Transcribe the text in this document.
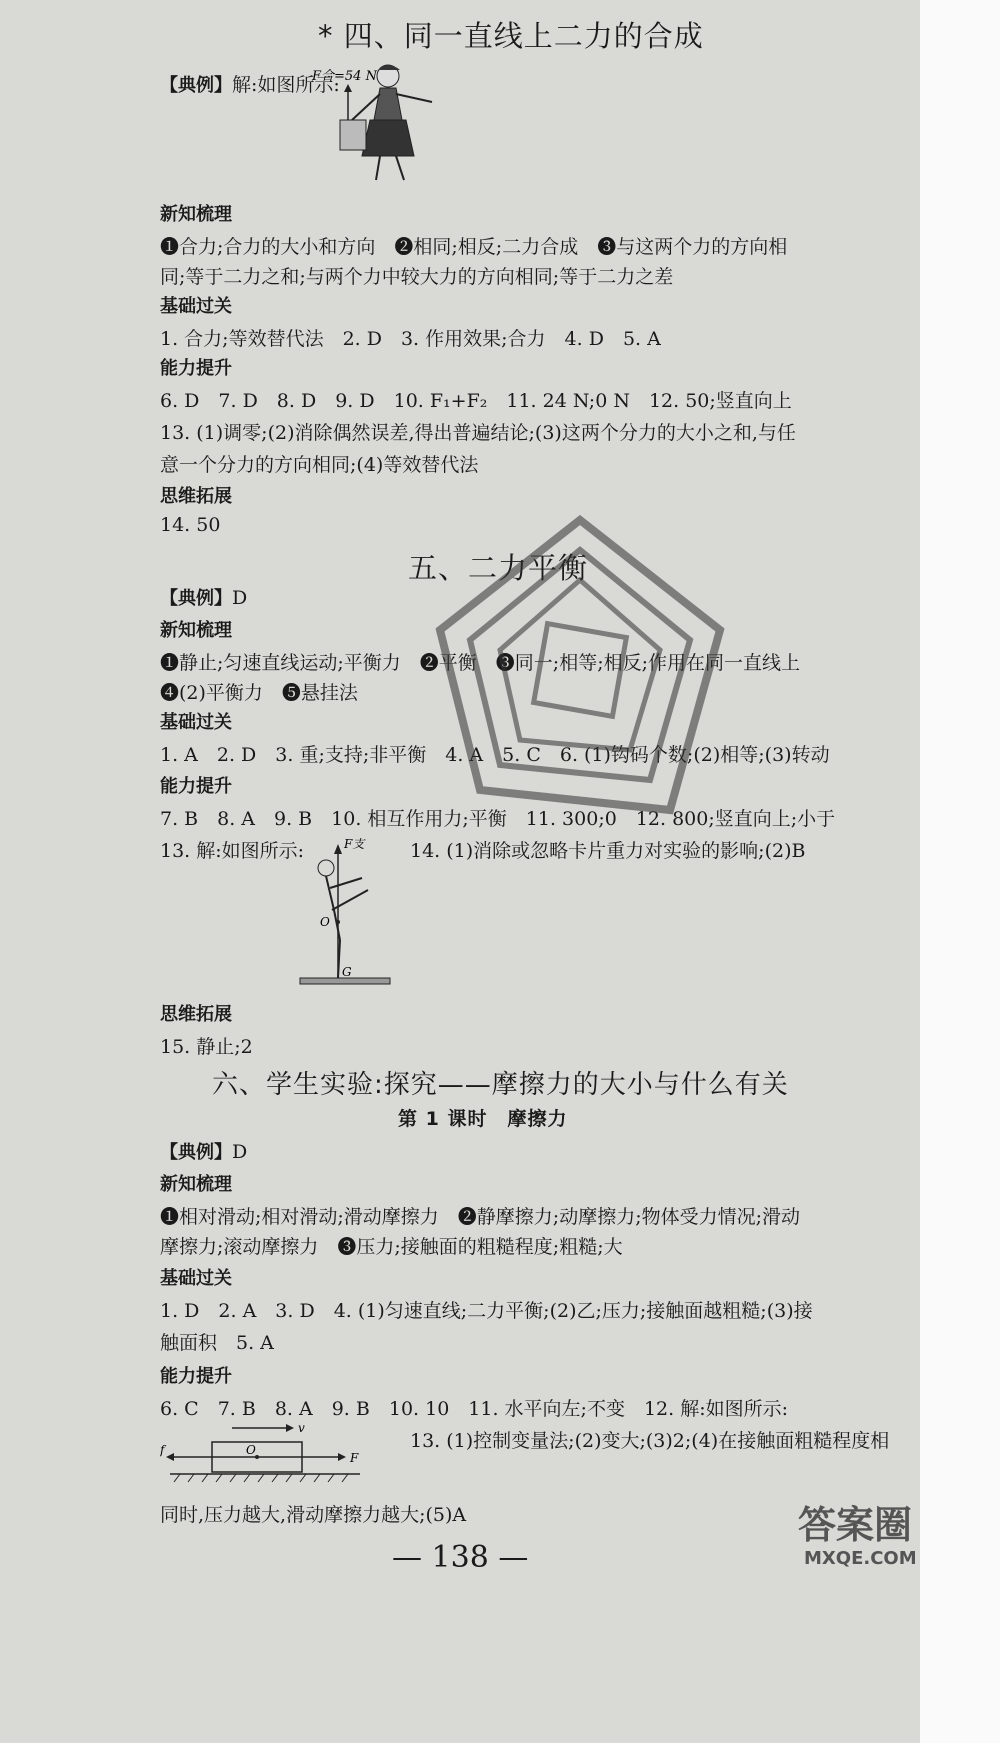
* 四、同一直线上二力的合成
【典例】解:如图所示:
F合=54 N
新知梳理
❶合力;合力的大小和方向　❷相同;相反;二力合成　❸与这两个力的方向相
同;等于二力之和;与两个力中较大力的方向相同;等于二力之差
基础过关
1. 合力;等效替代法　2. D　3. 作用效果;合力　4. D　5. A
能力提升
6. D　7. D　8. D　9. D　10. F₁+F₂　11. 24 N;0 N　12. 50;竖直向上
13. (1)调零;(2)消除偶然误差,得出普遍结论;(3)这两个分力的大小之和,与任
意一个分力的方向相同;(4)等效替代法
思维拓展
14. 50
五、二力平衡
【典例】D
新知梳理
❶静止;匀速直线运动;平衡力　❷平衡　❸同一;相等;相反;作用在同一直线上
❹(2)平衡力　❺悬挂法
基础过关
1. A　2. D　3. 重;支持;非平衡　4. A　5. C　6. (1)钩码个数;(2)相等;(3)转动
能力提升
7. B　8. A　9. B　10. 相互作用力;平衡　11. 300;0　12. 800;竖直向上;小于
13. 解:如图所示:	14. (1)消除或忽略卡片重力对实验的影响;(2)B
F支
O
G
思维拓展
15. 静止;2
六、学生实验:探究——摩擦力的大小与什么有关
第 1 课时　摩擦力
【典例】D
新知梳理
❶相对滑动;相对滑动;滑动摩擦力　❷静摩擦力;动摩擦力;物体受力情况;滑动
摩擦力;滚动摩擦力　❸压力;接触面的粗糙程度;粗糙;大
基础过关
1. D　2. A　3. D　4. (1)匀速直线;二力平衡;(2)乙;压力;接触面越粗糙;(3)接
触面积　5. A
能力提升
6. C　7. B　8. A　9. B　10. 10　11. 水平向左;不变　12. 解:如图所示:
13. (1)控制变量法;(2)变大;(3)2;(4)在接触面粗糙程度相
v
O
f
F
同时,压力越大,滑动摩擦力越大;(5)A
— 138 —
答案圈
MXQE.COM
